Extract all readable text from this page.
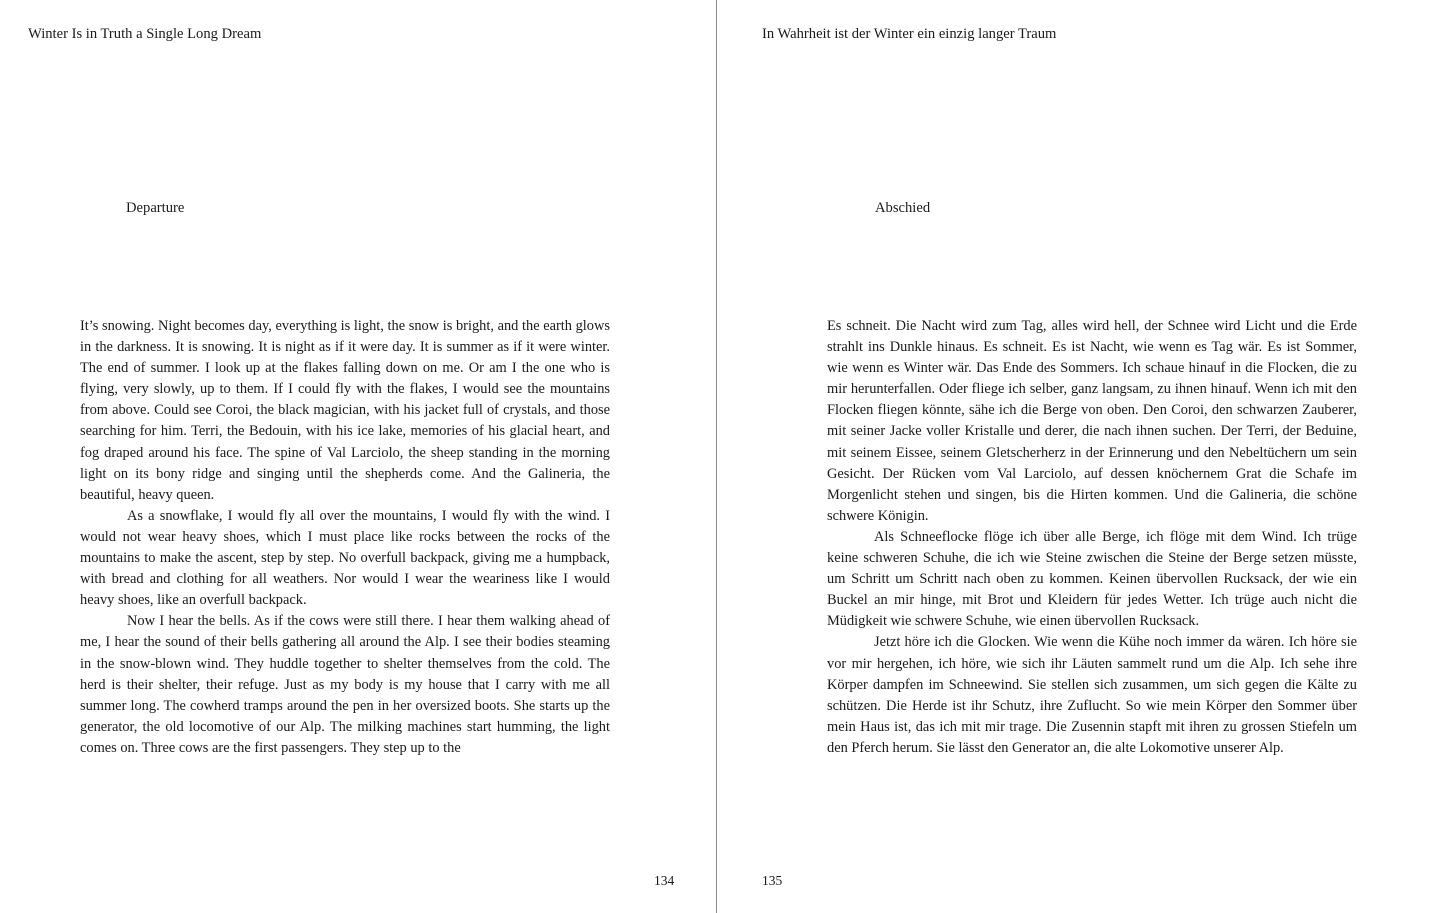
Winter Is in Truth a Single Long Dream
Departure

It’s snowing. Night becomes day, everything is light, the snow is bright, and the earth glows in the darkness. It is snowing. It is night as if it were day. It is summer as if it were winter. The end of summer. I look up at the flakes falling down on me. Or am I the one who is flying, very slowly, up to them. If I could fly with the flakes, I would see the mountains from above. Could see Coroi, the black magician, with his jacket full of crystals, and those searching for him. Terri, the Bedouin, with his ice lake, memories of his glacial heart, and fog draped around his face. The spine of Val Larciolo, the sheep standing in the morning light on its bony ridge and singing until the shepherds come. And the Galineria, the beautiful, heavy queen.

As a snowflake, I would fly all over the mountains, I would fly with the wind. I would not wear heavy shoes, which I must place like rocks between the rocks of the mountains to make the ascent, step by step. No overfull backpack, giving me a humpback, with bread and clothing for all weathers. Nor would I wear the weariness like I would heavy shoes, like an overfull backpack.

Now I hear the bells. As if the cows were still there. I hear them walking ahead of me, I hear the sound of their bells gathering all around the Alp. I see their bodies steaming in the snow-blown wind. They huddle together to shelter themselves from the cold. The herd is their shelter, their refuge. Just as my body is my house that I carry with me all summer long. The cowherd tramps around the pen in her oversized boots. She starts up the generator, the old locomotive of our Alp. The milking machines start humming, the light comes on. Three cows are the first passengers. They step up to the

134
In Wahrheit ist der Winter ein einzig langer Traum
Abschied

Es schneit. Die Nacht wird zum Tag, alles wird hell, der Schnee wird Licht und die Erde strahlt ins Dunkle hinaus. Es schneit. Es ist Nacht, wie wenn es Tag wär. Es ist Sommer, wie wenn es Winter wär. Das Ende des Sommers. Ich schaue hinauf in die Flocken, die zu mir herunterfallen. Oder fliege ich selber, ganz langsam, zu ihnen hinauf. Wenn ich mit den Flocken fliegen könnte, sähe ich die Berge von oben. Den Coroi, den schwarzen Zauberer, mit seiner Jacke voller Kristalle und derer, die nach ihnen suchen. Der Terri, der Beduine, mit seinem Eissee, seinem Gletscherherz in der Erinnerung und den Nebeltüchern um sein Gesicht. Der Rücken vom Val Larciolo, auf dessen knöchernem Grat die Schafe im Morgenlicht stehen und singen, bis die Hirten kommen. Und die Galineria, die schöne schwere Königin.

Als Schneeflocke flöge ich über alle Berge, ich flöge mit dem Wind. Ich trüge keine schweren Schuhe, die ich wie Steine zwischen die Steine der Berge setzen müsste, um Schritt um Schritt nach oben zu kommen. Keinen übervollen Rucksack, der wie ein Buckel an mir hinge, mit Brot und Kleidern für jedes Wetter. Ich trüge auch nicht die Müdigkeit wie schwere Schuhe, wie einen übervollen Rucksack.

Jetzt höre ich die Glocken. Wie wenn die Kühe noch immer da wären. Ich höre sie vor mir hergehen, ich höre, wie sich ihr Läuten sammelt rund um die Alp. Ich sehe ihre Körper dampfen im Schneewind. Sie stellen sich zusammen, um sich gegen die Kälte zu schützen. Die Herde ist ihr Schutz, ihre Zuflucht. So wie mein Körper den Sommer über mein Haus ist, das ich mit mir trage. Die Zusennin stapft mit ihren zu grossen Stiefeln um den Pferch herum. Sie lässt den Generator an, die alte Lokomotive unserer Alp.

135
